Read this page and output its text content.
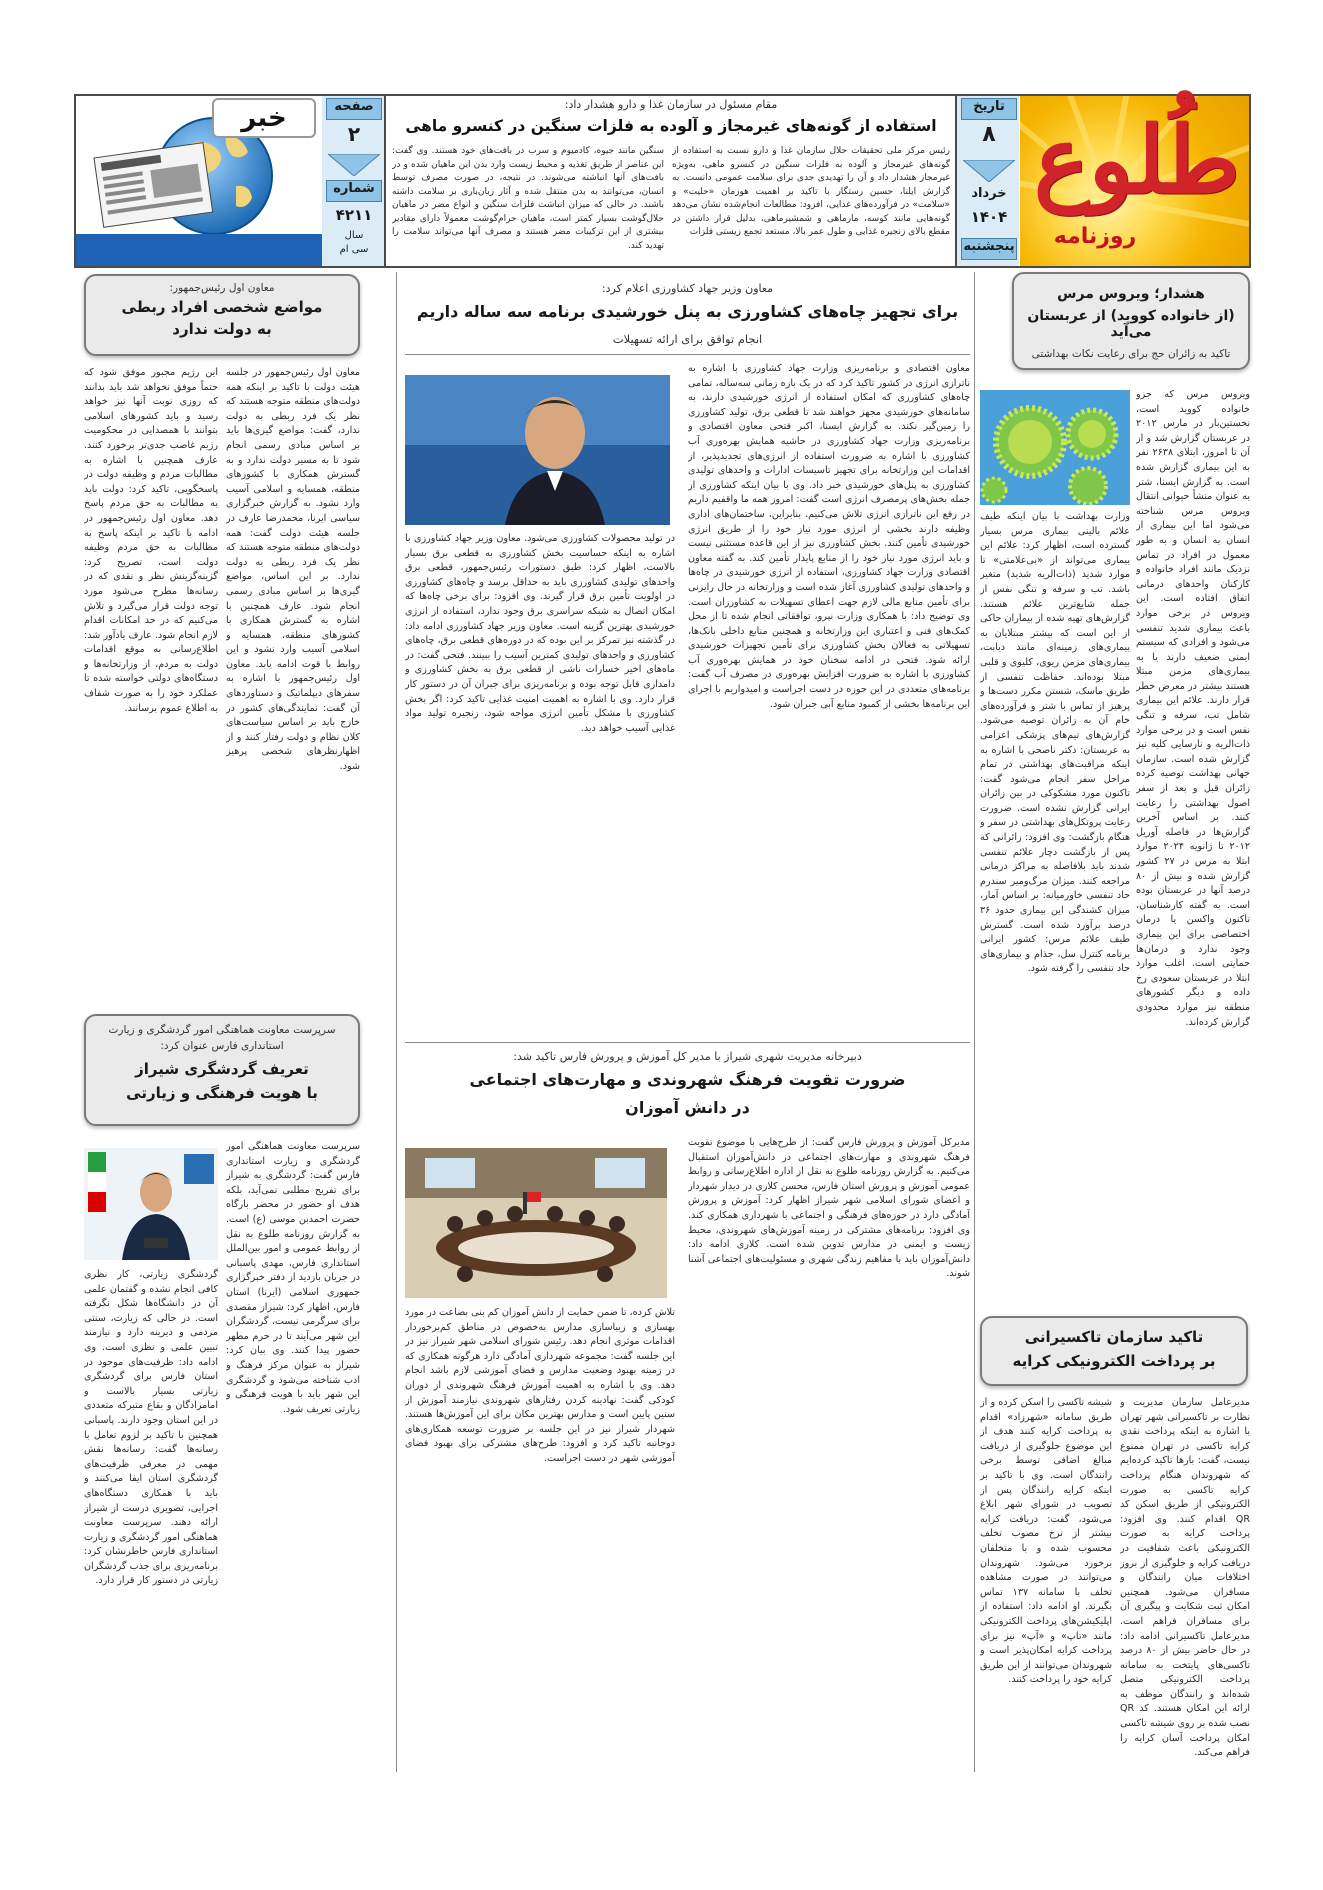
طُلوع
روزنامه
تاریخ
۸
خرداد
۱۴۰۴
پنجشنبه
صفحه
۲
شماره
۴۲۱۱
سال
سی ام
خبر	مقام مسئول در سازمان غذا و دارو هشدار داد:
استفاده از گونه‌های غیرمجاز و آلوده به فلزات سنگین در کنسرو ماهی
رئیس مرکز ملی تحقیقات حلال سازمان غذا و دارو نسبت به استفاده از گونه‌های غیرمجاز و آلوده به فلزات سنگین در کنسرو ماهی، به‌ویژه غیرمجاز هشدار داد و آن را تهدیدی جدی برای سلامت عمومی دانست. به گزارش ایلنا، حسین رستگار با تاکید بر اهمیت هوزمان «حلیت» و «سلامت» در فرآورده‌های غذایی، افزود: مطالعات انجام‌شده نشان می‌دهد گونه‌هایی مانند کوسه، مارماهی و شمشیرماهی، بدلیل قرار داشتن در مقطع بالای زنجیره غذایی و طول عمر بالا، مستعد تجمع زیستی فلزات
سنگین مانند جیوه، کادمیوم و سرب در بافت‌های خود هستند. وی گفت: این عناصر از طریق تغذیه و محیط زیست وارد بدن این ماهیان شده و در بافت‌های آنها انباشته می‌شوند. در نتیجه، در صورت مصرف توسط انسان، می‌توانند به بدن منتقل شده و آثار زیان‌باری بر سلامت داشته باشند. در حالی که میزان انباشت فلزات سنگین و انواع مضر در ماهیان حلال‌گوشت بسیار کمتر است، ماهیان حرام‌گوشت معمولاً دارای مقادیر بیشتری از این ترکیبات مضر هستند و مصرف آنها می‌تواند سلامت را تهدید کند.
هشدار؛ ویروس مرس
(از خانواده کووید) از عربستان می‌آید
تاکید به زائران حج برای رعایت نکات بهداشتی
ویروس مرس که جزو خانواده کووید است، نخستین‌بار در مارس ۲۰۱۲ در عربستان گزارش شد و از آن تا امروز، ابتلای ۲۶۳۸ نفر به این بیماری گزارش شده است. به گزارش ایسنا، شتر به عنوان منشأ حیوانی انتقال ویروس مرس شناخته می‌شود اما این بیماری از انسان به انسان و به طور معمول در افراد در تماس نزدیک مانند افراد خانواده و کارکنان واحدهای درمانی اتفاق افتاده است. این ویروس در برخی موارد باعث بیماری شدید تنفسی می‌شود و افرادی که سیستم ایمنی ضعیف دارند یا به بیماری‌های مزمن مبتلا هستند بیشتر در معرض خطر قرار دارند. علائم این بیماری شامل تب، سرفه و تنگی نفس است و در برخی موارد ذات‌الریه و نارسایی کلیه نیز گزارش شده است. سازمان جهانی بهداشت توصیه کرده زائران قبل و بعد از سفر اصول بهداشتی را رعایت کنند. بر اساس آخرین گزارش‌ها در فاصله آوریل ۲۰۱۲ تا ژانویه ۲۰۲۴ موارد ابتلا به مرس در ۲۷ کشور گزارش شده و بیش از ۸۰ درصد آنها در عربستان بوده است. به گفته کارشناسان، تاکنون واکسن یا درمان اختصاصی برای این بیماری وجود ندارد و درمان‌ها حمایتی است. اغلب موارد ابتلا در عربستان سعودی رخ داده و دیگر کشورهای منطقه نیز موارد محدودی گزارش کرده‌اند.
وزارت بهداشت با بیان اینکه طیف علائم بالینی بیماری مرس بسیار گسترده است، اظهار کرد: علائم این بیماری می‌تواند از «بی‌علامتی» تا موارد شدید (ذات‌الریه شدید) متغیر باشد. تب و سرفه و تنگی نفس از جمله شایع‌ترین علائم هستند. گزارش‌های تهیه شده از بیماران حاکی از این است که بیشتر مبتلایان به بیماری‌های زمینه‌ای مانند دیابت، بیماری‌های مزمن ریوی، کلیوی و قلبی مبتلا بوده‌اند. حفاظت تنفسی از طریق ماسک، شستن مکرر دست‌ها و پرهیز از تماس با شتر و فرآورده‌های خام آن به زائران توصیه می‌شود. گزارش‌های تیم‌های پزشکی اعزامی به عربستان: دکتر ناصحی با اشاره به اینکه مراقبت‌های بهداشتی در تمام مراحل سفر انجام می‌شود گفت: تاکنون مورد مشکوکی در بین زائران ایرانی گزارش نشده است. ضرورت رعایت پروتکل‌های بهداشتی در سفر و هنگام بازگشت: وی افزود: زائرانی که پس از بازگشت دچار علائم تنفسی شدند باید بلافاصله به مراکز درمانی مراجعه کنند. میزان مرگ‌ومیر سندرم حاد تنفسی خاورمیانه: بر اساس آمار، میزان کشندگی این بیماری حدود ۳۶ درصد برآورد شده است. گسترش طیف علائم مرس: کشور ایرانی برنامه کنترل سل، جذام و بیماری‌های حاد تنفسی را گرفته شود.
تاکید سازمان تاکسیرانی
بر پرداخت الکترونیکی کرایه
مدیرعامل سازمان مدیریت و نظارت بر تاکسیرانی شهر تهران با اشاره به اینکه پرداخت نقدی کرایه تاکسی در تهران ممنوع نیست، گفت: بارها تاکید کرده‌ایم که شهروندان هنگام پرداخت کرایه تاکسی به صورت الکترونیکی از طریق اسکن کد QR اقدام کنند. وی افزود: پرداخت کرایه به صورت الکترونیکی باعث شفافیت در دریافت کرایه و جلوگیری از بروز اختلافات میان رانندگان و مسافران می‌شود. همچنین امکان ثبت شکایت و پیگیری آن برای مسافران فراهم است. مدیرعامل تاکسیرانی ادامه داد: در حال حاضر بیش از ۸۰ درصد تاکسی‌های پایتخت به سامانه پرداخت الکترونیکی متصل شده‌اند و رانندگان موظف به ارائه این امکان هستند. کد QR نصب شده بر روی شیشه تاکسی امکان پرداخت آسان کرایه را فراهم می‌کند.
شیشه تاکسی را اسکن کرده و از طریق سامانه «شهرزاد» اقدام به پرداخت کرایه کنند هدف از این موضوع جلوگیری از دریافت مبالغ اضافی توسط برخی رانندگان است. وی با تاکید بر اینکه کرایه رانندگان پس از تصویب در شورای شهر ابلاغ می‌شود، گفت: دریافت کرایه بیشتر از نرخ مصوب تخلف محسوب شده و با متخلفان برخورد می‌شود. شهروندان می‌توانند در صورت مشاهده تخلف با سامانه ۱۳۷ تماس بگیرند. او ادامه داد: استفاده از اپلیکیشن‌های پرداخت الکترونیکی مانند «تاپ» و «آپ» نیز برای پرداخت کرایه امکان‌پذیر است و شهروندان می‌توانند از این طریق کرایه خود را پرداخت کنند.
معاون وزیر جهاد کشاورزی اعلام کرد:
برای تجهیز چاه‌های کشاورزی به پنل خورشیدی برنامه سه ساله داریم
انجام توافق برای ارائه تسهیلات
معاون اقتصادی و برنامه‌ریزی وزارت جهاد کشاورزی با اشاره به ناترازی انرژی در کشور تاکید کرد که در یک بازه زمانی سه‌ساله، تمامی چاه‌های کشاورزی که امکان استفاده از انرژی خورشیدی دارند، به سامانه‌های خورشیدی مجهز خواهند شد تا قطعی برق، تولید کشاورزی را زمین‌گیر نکند. به گزارش ایسنا، اکبر فتحی معاون اقتصادی و برنامه‌ریزی وزارت جهاد کشاورزی در حاشیه همایش بهره‌وری آب کشاورزی با اشاره به ضرورت استفاده از انرژی‌های تجدیدپذیر، از اقدامات این وزارتخانه برای تجهیز تاسیسات ادارات و واحدهای تولیدی کشاورزی به پنل‌های خورشیدی خبر داد. وی با بیان اینکه کشاورزی از جمله بخش‌های پرمصرف انرژی است گفت: امروز همه ما واقفیم داریم در رفع این ناترازی انرژی تلاش می‌کنیم. بنابراین، ساختمان‌های اداری وظیفه دارند بخشی از انرژی مورد نیاز خود را از طریق انرژی خورشیدی تأمین کنند. بخش کشاورزی نیز از این قاعده مستثنی نیست و باید انرژی مورد نیاز خود را از منابع پایدار تأمین کند. به گفته معاون اقتصادی وزارت جهاد کشاورزی، استفاده از انرژی خورشیدی در چاه‌ها و واحدهای تولیدی کشاورزی آغاز شده است و وزارتخانه در حال رایزنی برای تأمین منابع مالی لازم جهت اعطای تسهیلات به کشاورزان است. وی توضیح داد: با همکاری وزارت نیرو، توافقاتی انجام شده تا از محل کمک‌های فنی و اعتباری این وزارتخانه و همچنین منابع داخلی بانک‌ها، تسهیلاتی به فعالان بخش کشاورزی برای تأمین تجهیزات خورشیدی ارائه شود. فتحی در ادامه سخنان خود در همایش بهره‌وری آب کشاورزی با اشاره به ضرورت افزایش بهره‌وری در مصرف آب گفت: برنامه‌های متعددی در این حوزه در دست اجراست و امیدواریم با اجرای این برنامه‌ها بخشی از کمبود منابع آبی جبران شود.
در تولید محصولات کشاورزی می‌شود. معاون وزیر جهاد کشاورزی با اشاره به اینکه حساسیت بخش کشاورزی به قطعی برق بسیار بالاست، اظهار کرد: طبق دستورات رئیس‌جمهور، قطعی برق واحدهای تولیدی کشاورزی باید به حداقل برسد و چاه‌های کشاورزی در اولویت تأمین برق قرار گیرند. وی افزود: برای برخی چاه‌ها که امکان اتصال به شبکه سراسری برق وجود ندارد، استفاده از انرژی خورشیدی بهترین گزینه است. معاون وزیر جهاد کشاورزی ادامه داد: در گذشته نیز تمرکز بر این بوده که در دوره‌های قطعی برق، چاه‌های کشاورزی و واحدهای تولیدی کمترین آسیب را ببینند. فتحی گفت: در ماه‌های اخیر خسارات ناشی از قطعی برق به بخش کشاورزی و دامداری قابل توجه بوده و برنامه‌ریزی برای جبران آن در دستور کار قرار دارد. وی با اشاره به اهمیت امنیت غذایی تاکید کرد: اگر بخش کشاورزی با مشکل تأمین انرژی مواجه شود، زنجیره تولید مواد غذایی آسیب خواهد دید.
دبیرخانه مدیریت شهری شیراز با مدیر کل آموزش و پرورش فارس تاکید شد:
ضرورت تقویت فرهنگ شهروندی و مهارت‌های اجتماعی
در دانش آموزان
مدیرکل آموزش و پرورش فارس گفت: از طرح‌هایی با موضوع تقویت فرهنگ شهروندی و مهارت‌های اجتماعی در دانش‌آموزان استقبال می‌کنیم. به گزارش روزنامه طلوع به نقل از اداره اطلاع‌رسانی و روابط عمومی آموزش و پرورش استان فارس، محسن کلاری در دیدار شهردار و اعضای شورای اسلامی شهر شیراز اظهار کرد: آموزش و پرورش آمادگی دارد در حوزه‌های فرهنگی و اجتماعی با شهرداری همکاری کند. وی افزود: برنامه‌های مشترکی در زمینه آموزش‌های شهروندی، محیط زیست و ایمنی در مدارس تدوین شده است. کلاری ادامه داد: دانش‌آموزان باید با مفاهیم زندگی شهری و مسئولیت‌های اجتماعی آشنا شوند.
تلاش کرده، تا ضمن حمایت از دانش آموزان کم بنی بضاعت در مورد بهسازی و زیباسازی مدارس به‌خصوص در مناطق کم‌برخوردار اقدامات موثری انجام دهد. رئیس شورای اسلامی شهر شیراز نیز در این جلسه گفت: مجموعه شهرداری آمادگی دارد هرگونه همکاری که در زمینه بهبود وضعیت مدارس و فضای آموزشی لازم باشد انجام دهد. وی با اشاره به اهمیت آموزش فرهنگ شهروندی از دوران کودکی گفت: نهادینه کردن رفتارهای شهروندی نیازمند آموزش از سنین پایین است و مدارس بهترین مکان برای این آموزش‌ها هستند. شهردار شیراز نیز در این جلسه بر ضرورت توسعه همکاری‌های دوجانبه تاکید کرد و افزود: طرح‌های مشترکی برای بهبود فضای آموزشی شهر در دست اجراست.
معاون اول رئیس‌جمهور:
مواضع شخصی افراد ربطی
به دولت ندارد
معاون اول رئیس‌جمهور در جلسه هیئت دولت با تاکید بر اینکه همه دولت‌های منطقه متوجه هستند که نظر یک فرد ربطی به دولت ندارد، گفت: مواضع گیری‌ها باید بر اساس مبادی رسمی انجام شود تا به مسیر دولت ندارد و به گسترش همکاری با کشورهای منطقه، همسایه و اسلامی آسیب وارد نشود. به گزارش خبرگزاری سیاسی ایرنا، محمدرضا عارف در جلسه هیئت دولت گفت: همه دولت‌های منطقه متوجه هستند که نظر یک فرد ربطی به دولت ندارد. بر این اساس، مواضع گیری‌ها بر اساس مبادی رسمی انجام شود. عارف همچنین با اشاره به گسترش همکاری با کشورهای منطقه، همسایه و اسلامی آسیب وارد نشود و این روابط با قوت ادامه یابد. معاون اول رئیس‌جمهور با اشاره به سفرهای دیپلماتیک و دستاوردهای آن گفت: نمایندگی‌های کشور در خارج باید بر اساس سیاست‌های کلان نظام و دولت رفتار کنند و از اظهارنظرهای شخصی پرهیز شود.
این رژیم مجبور موفق شود که حتماً موفق نخواهد شد باید بدانند که روزی نوبت آنها نیز خواهد رسید و باید کشورهای اسلامی بتوانند با همصدایی در محکومیت رژیم غاصب جدی‌تر برخورد کنند. عارف همچنین با اشاره به مطالبات مردم و وظیفه دولت در پاسخگویی، تاکید کرد: دولت باید به مطالبات به حق مردم پاسخ دهد. معاون اول رئیس‌جمهور در ادامه با تاکید بر اینکه پاسخ به مطالبات به حق مردم وظیفه دولت است، تصریح کرد: گزینه‌گزینش نظر و نقدی که در رسانه‌ها مطرح می‌شود مورد توجه دولت قرار می‌گیرد و تلاش می‌کنیم که در حد امکانات اقدام لازم انجام شود. عارف یادآور شد: اطلاع‌رسانی به موقع اقدامات دولت به مردم، از وزارتخانه‌ها و دستگاه‌های دولتی خواسته شده تا عملکرد خود را به صورت شفاف به اطلاع عموم برسانند.
سرپرست معاونت هماهنگی امور گردشگری و زیارت
استانداری فارس عنوان کرد:
تعریف گردشگری شیراز
با هویت فرهنگی و زیارتی
سرپرست معاونت هماهنگی امور گردشگری و زیارت استانداری فارس گفت: گردشگری به شیراز برای تفریح مطلبی نمی‌آید، بلکه هدف او حضور در محضر بارگاه حضرت احمدبن موسی (ع) است. به گزارش روزنامه طلوع به نقل از روابط عمومی و امور بین‌الملل استانداری فارس، مهدی پاسبانی در جریان بازدید از دفتر خبرگزاری جمهوری اسلامی (ایرنا) استان فارس، اظهار کرد: شیراز مقصدی برای سرگرمی نیست، گردشگران این شهر می‌آیند تا در حرم مطهر حضور پیدا کنند. وی بیان کرد: شیراز به عنوان مرکز فرهنگ و ادب شناخته می‌شود و گردشگری این شهر باید با هویت فرهنگی و زیارتی تعریف شود.
گردشگری زیارتی، کار نظری کافی انجام نشده و گفتمان علمی آن در دانشگاه‌ها شکل نگرفته است. در حالی که زیارت، سنتی مردمی و دیرینه دارد و نیازمند تبیین علمی و نظری است. وی ادامه داد: ظرفیت‌های موجود در استان فارس برای گردشگری زیارتی بسیار بالاست و امامزادگان و بقاع متبرکه متعددی در این استان وجود دارند. پاسبانی همچنین با تاکید بر لزوم تعامل با رسانه‌ها گفت: رسانه‌ها نقش مهمی در معرفی ظرفیت‌های گردشگری استان ایفا می‌کنند و باید با همکاری دستگاه‌های اجرایی، تصویری درست از شیراز ارائه دهند. سرپرست معاونت هماهنگی امور گردشگری و زیارت استانداری فارس خاطرنشان کرد: برنامه‌ریزی برای جذب گردشگران زیارتی در دستور کار قرار دارد.
